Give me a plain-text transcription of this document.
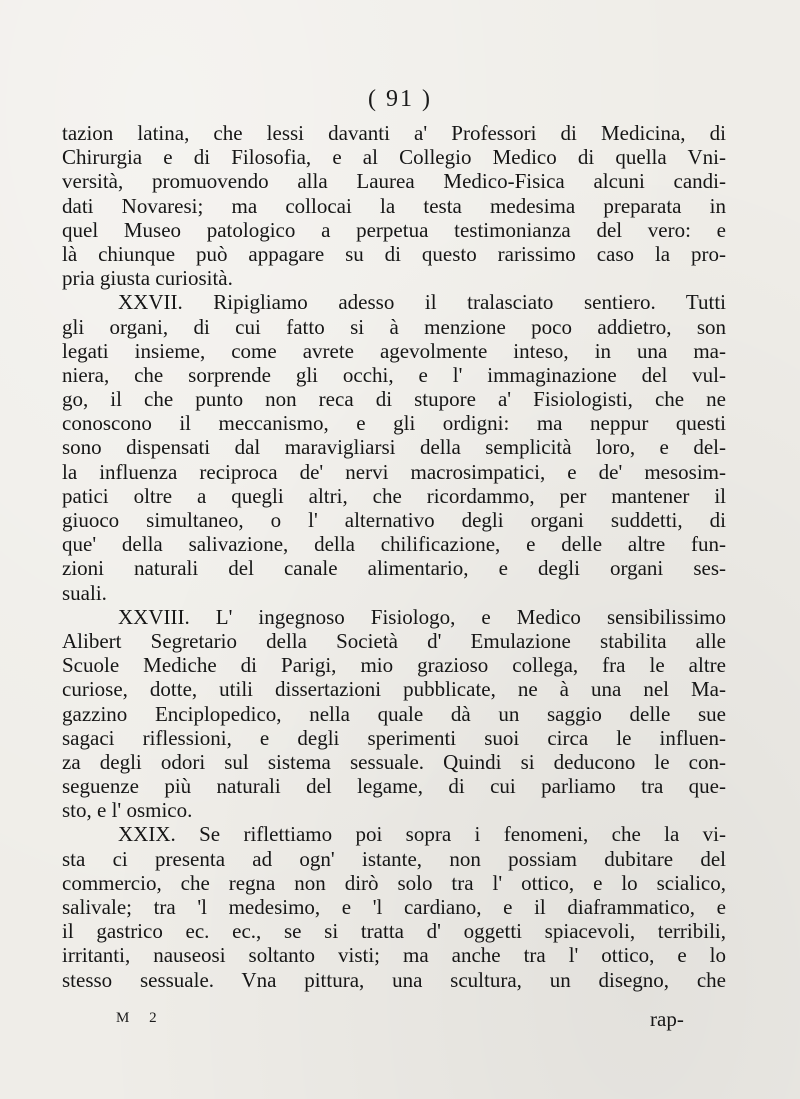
( 91 )
tazion latina, che lessi davanti a' Professori di Medicina, di
Chirurgia e di Filosofia, e al Collegio Medico di quella Vni-
versità, promuovendo alla Laurea Medico-Fisica alcuni candi-
dati Novaresi; ma collocai la testa medesima preparata in
quel Museo patologico a perpetua testimonianza del vero: e
là chiunque può appagare su di questo rarissimo caso la pro-
pria giusta curiosità.
XXVII. Ripigliamo adesso il tralasciato sentiero. Tutti
gli organi, di cui fatto si à menzione poco addietro, son
legati insieme, come avrete agevolmente inteso, in una ma-
niera, che sorprende gli occhi, e l' immaginazione del vul-
go, il che punto non reca di stupore a' Fisiologisti, che ne
conoscono il meccanismo, e gli ordigni: ma neppur questi
sono dispensati dal maravigliarsi della semplicità loro, e del-
la influenza reciproca de' nervi macrosimpatici, e de' mesosim-
patici oltre a quegli altri, che ricordammo, per mantener il
giuoco simultaneo, o l' alternativo degli organi suddetti, di
que' della salivazione, della chilificazione, e delle altre fun-
zioni naturali del canale alimentario, e degli organi ses-
suali.
XXVIII. L' ingegnoso Fisiologo, e Medico sensibilissimo
Alibert Segretario della Società d' Emulazione stabilita alle
Scuole Mediche di Parigi, mio grazioso collega, fra le altre
curiose, dotte, utili dissertazioni pubblicate, ne à una nel Ma-
gazzino Enciplopedico, nella quale dà un saggio delle sue
sagaci riflessioni, e degli sperimenti suoi circa le influen-
za degli odori sul sistema sessuale. Quindi si deducono le con-
seguenze più naturali del legame, di cui parliamo tra que-
sto, e l' osmico.
XXIX. Se riflettiamo poi sopra i fenomeni, che la vi-
sta ci presenta ad ogn' istante, non possiam dubitare del
commercio, che regna non dirò solo tra l' ottico, e lo scialico,
salivale; tra 'l medesimo, e 'l cardiano, e il diaframmatico, e
il gastrico ec. ec., se si tratta d' oggetti spiacevoli, terribili,
irritanti, nauseosi soltanto visti; ma anche tra l' ottico, e lo
stesso sessuale. Vna pittura, una scultura, un disegno, che
M 2	rap-
